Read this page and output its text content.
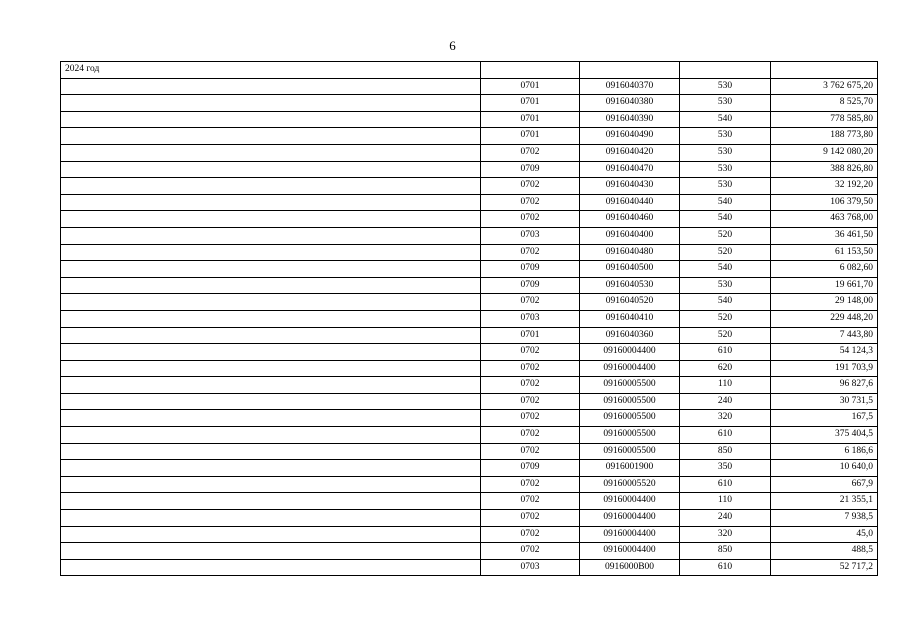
6
2024 год				
	0701	0916040370	530	3 762 675,20
	0701	0916040380	530	8 525,70
	0701	0916040390	540	778 585,80
	0701	0916040490	530	188 773,80
	0702	0916040420	530	9 142 080,20
	0709	0916040470	530	388 826,80
	0702	0916040430	530	32 192,20
	0702	0916040440	540	106 379,50
	0702	0916040460	540	463 768,00
	0703	0916040400	520	36 461,50
	0702	0916040480	520	61 153,50
	0709	0916040500	540	6 082,60
	0709	0916040530	530	19 661,70
	0702	0916040520	540	29 148,00
	0703	0916040410	520	229 448,20
	0701	0916040360	520	7 443,80
	0702	09160004400	610	54 124,3
	0702	09160004400	620	191 703,9
	0702	09160005500	110	96 827,6
	0702	09160005500	240	30 731,5
	0702	09160005500	320	167,5
	0702	09160005500	610	375 404,5
	0702	09160005500	850	6 186,6
	0709	0916001900	350	10 640,0
	0702	09160005520	610	667,9
	0702	09160004400	110	21 355,1
	0702	09160004400	240	7 938,5
	0702	09160004400	320	45,0
	0702	09160004400	850	488,5
	0703	0916000В00	610	52 717,2
